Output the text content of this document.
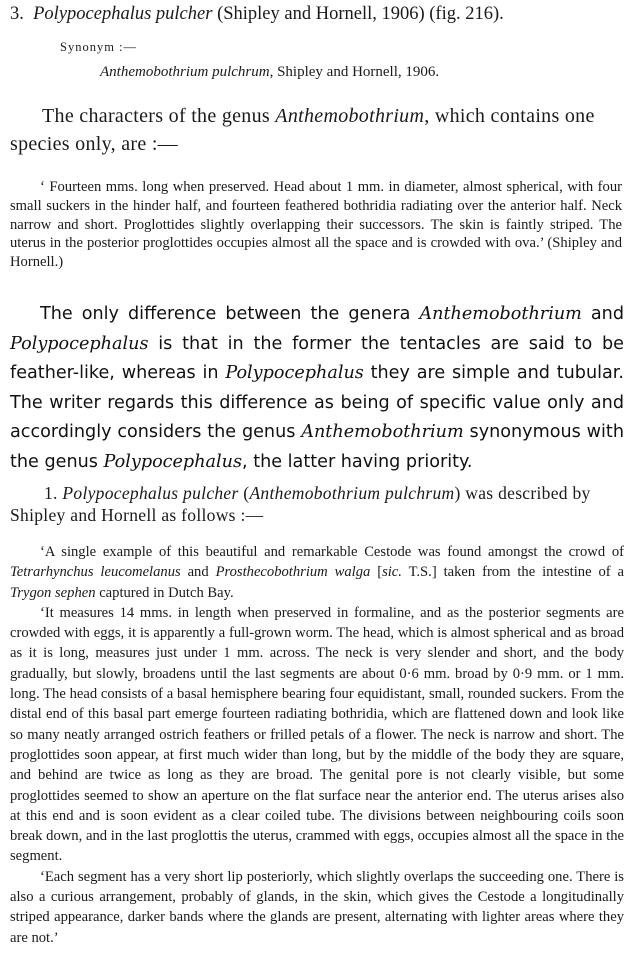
3. Polypocephalus pulcher (Shipley and Hornell, 1906) (fig. 216).
Synonym :—
Anthemobothrium pulchrum, Shipley and Hornell, 1906.

The characters of the genus Anthemobothrium, which contains one species only, are :—

‘ Fourteen mms. long when preserved. Head about 1 mm. in diameter, almost spherical, with four small suckers in the hinder half, and fourteen feathered bothridia radiating over the anterior half. Neck narrow and short. Proglottides slightly overlapping their successors. The skin is faintly striped. The uterus in the posterior proglottides occupies almost all the space and is crowded with ova.’ (Shipley and Hornell.)

The only difference between the genera Anthemobothrium and Polypocephalus is that in the former the tentacles are said to be feather-like, whereas in Polypocephalus they are simple and tubular. The writer regards this difference as being of specific value only and accordingly considers the genus Anthemobothrium synonymous with the genus Polypocephalus, the latter having priority.

1. Polypocephalus pulcher (Anthemobothrium pulchrum) was described by Shipley and Hornell as follows :—

‘A single example of this beautiful and remarkable Cestode was found amongst the crowd of Tetrarhynchus leucomelanus and Prosthecobothrium walga [sic. T.S.] taken from the intestine of a Trygon sephen captured in Dutch Bay.

‘It measures 14 mms. in length when preserved in formaline, and as the posterior segments are crowded with eggs, it is apparently a full-grown worm. The head, which is almost spherical and as broad as it is long, measures just under 1 mm. across. The neck is very slender and short, and the body gradually, but slowly, broadens until the last segments are about 0·6 mm. broad by 0·9 mm. or 1 mm. long. The head consists of a basal hemisphere bearing four equidistant, small, rounded suckers. From the distal end of this basal part emerge fourteen radiating bothridia, which are flattened down and look like so many neatly arranged ostrich feathers or frilled petals of a flower. The neck is narrow and short. The proglottides soon appear, at first much wider than long, but by the middle of the body they are square, and behind are twice as long as they are broad. The genital pore is not clearly visible, but some proglottides seemed to show an aperture on the flat surface near the anterior end. The uterus arises also at this end and is soon evident as a clear coiled tube. The divisions between neighbouring coils soon break down, and in the last proglottis the uterus, crammed with eggs, occupies almost all the space in the segment.

‘Each segment has a very short lip posteriorly, which slightly overlaps the succeeding one. There is also a curious arrangement, probably of glands, in the skin, which gives the Cestode a longitudinally striped appearance, darker bands where the glands are present, alternating with lighter areas where they are not.’
